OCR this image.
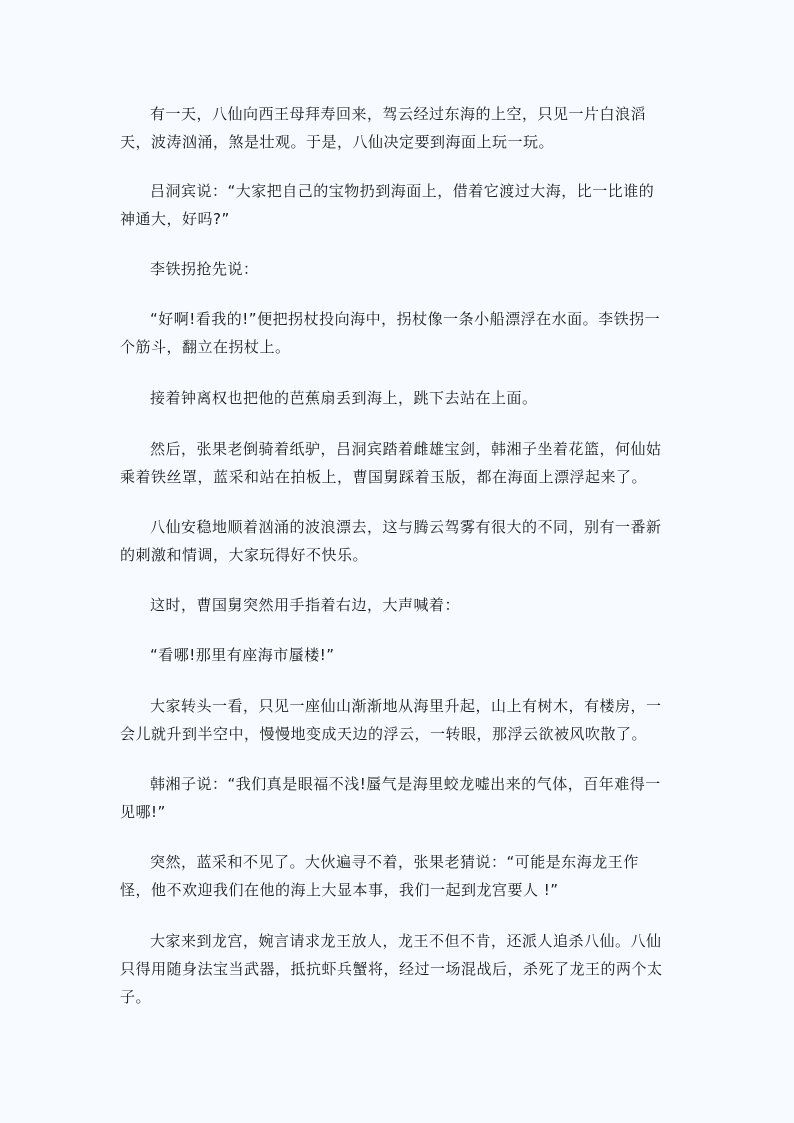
有一天，八仙向西王母拜寿回来，驾云经过东海的上空，只见一片白浪滔天，波涛汹涌，煞是壮观。于是，八仙决定要到海面上玩一玩。

吕洞宾说：“大家把自己的宝物扔到海面上，借着它渡过大海，比一比谁的神通大，好吗?”

李铁拐抢先说：

“好啊!看我的!”便把拐杖投向海中，拐杖像一条小船漂浮在水面。李铁拐一个筋斗，翻立在拐杖上。

接着钟离权也把他的芭蕉扇丢到海上，跳下去站在上面。

然后，张果老倒骑着纸驴，吕洞宾踏着雌雄宝剑，韩湘子坐着花篮，何仙姑乘着铁丝罩，蓝采和站在拍板上，曹国舅踩着玉版，都在海面上漂浮起来了。

八仙安稳地顺着汹涌的波浪漂去，这与腾云驾雾有很大的不同，别有一番新的刺激和情调，大家玩得好不快乐。

这时，曹国舅突然用手指着右边，大声喊着：

“看哪!那里有座海市蜃楼!”

大家转头一看，只见一座仙山渐渐地从海里升起，山上有树木，有楼房，一会儿就升到半空中，慢慢地变成天边的浮云，一转眼，那浮云欲被风吹散了。

韩湘子说：“我们真是眼福不浅!蜃气是海里蛟龙嘘出来的气体，百年难得一见哪!”

突然，蓝采和不见了。大伙遍寻不着，张果老猜说：“可能是东海龙王作怪，他不欢迎我们在他的海上大显本事，我们一起到龙宫要人 !”

大家来到龙宫，婉言请求龙王放人，龙王不但不肯，还派人追杀八仙。八仙只得用随身法宝当武器，抵抗虾兵蟹将，经过一场混战后，杀死了龙王的两个太子。
